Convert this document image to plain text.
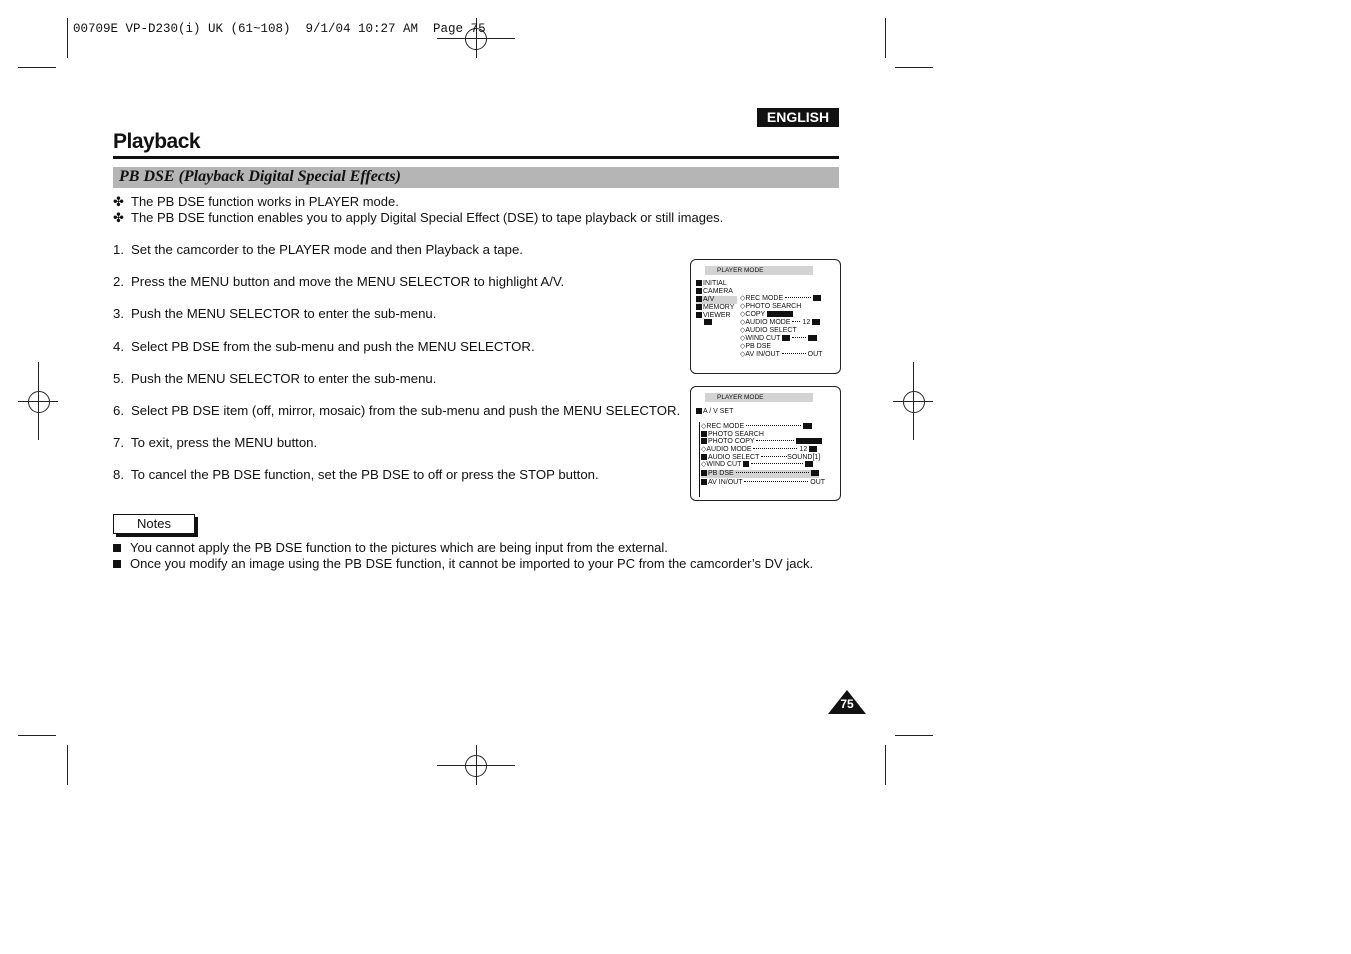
00709E VP-D230(i) UK (61~108)  9/1/04 10:27 AM  Page 75
ENGLISH
Playback
PB DSE (Playback Digital Special Effects)
✤ The PB DSE function works in PLAYER mode.
✤ The PB DSE function enables you to apply Digital Special Effect (DSE) to tape playback or still images.
1. Set the camcorder to the PLAYER mode and then Playback a tape.
2. Press the MENU button and move the MENU SELECTOR to highlight A/V.
3. Push the MENU SELECTOR to enter the sub-menu.
4. Select PB DSE from the sub-menu and push the MENU SELECTOR.
5. Push the MENU SELECTOR to enter the sub-menu.
6. Select PB DSE item (off, mirror, mosaic) from the sub-menu and push the MENU SELECTOR.
7. To exit, press the MENU button.
8. To cancel the PB DSE function, set the PB DSE to off or press the STOP button.
PLAYER MODE
INITIAL
CAMERA
A/V
MEMORY
VIEWER
◇REC MODE
◇PHOTO SEARCH
◇COPY
◇AUDIO MODE 12
◇AUDIO SELECT
◇WIND CUT
◇PB DSE
◇AV IN/OUT	OUT
PLAYER MODE
A / V SET
◇REC MODE
PHOTO SEARCH
PHOTO COPY
◇AUDIO MODE	12
AUDIO SELECT	SOUND[1]
◇WIND CUT
PB DSE
AV IN/OUT	OUT
Notes
You cannot apply the PB DSE function to the pictures which are being input from the external.
Once you modify an image using the PB DSE function, it cannot be imported to your PC from the camcorder’s DV jack.
75
